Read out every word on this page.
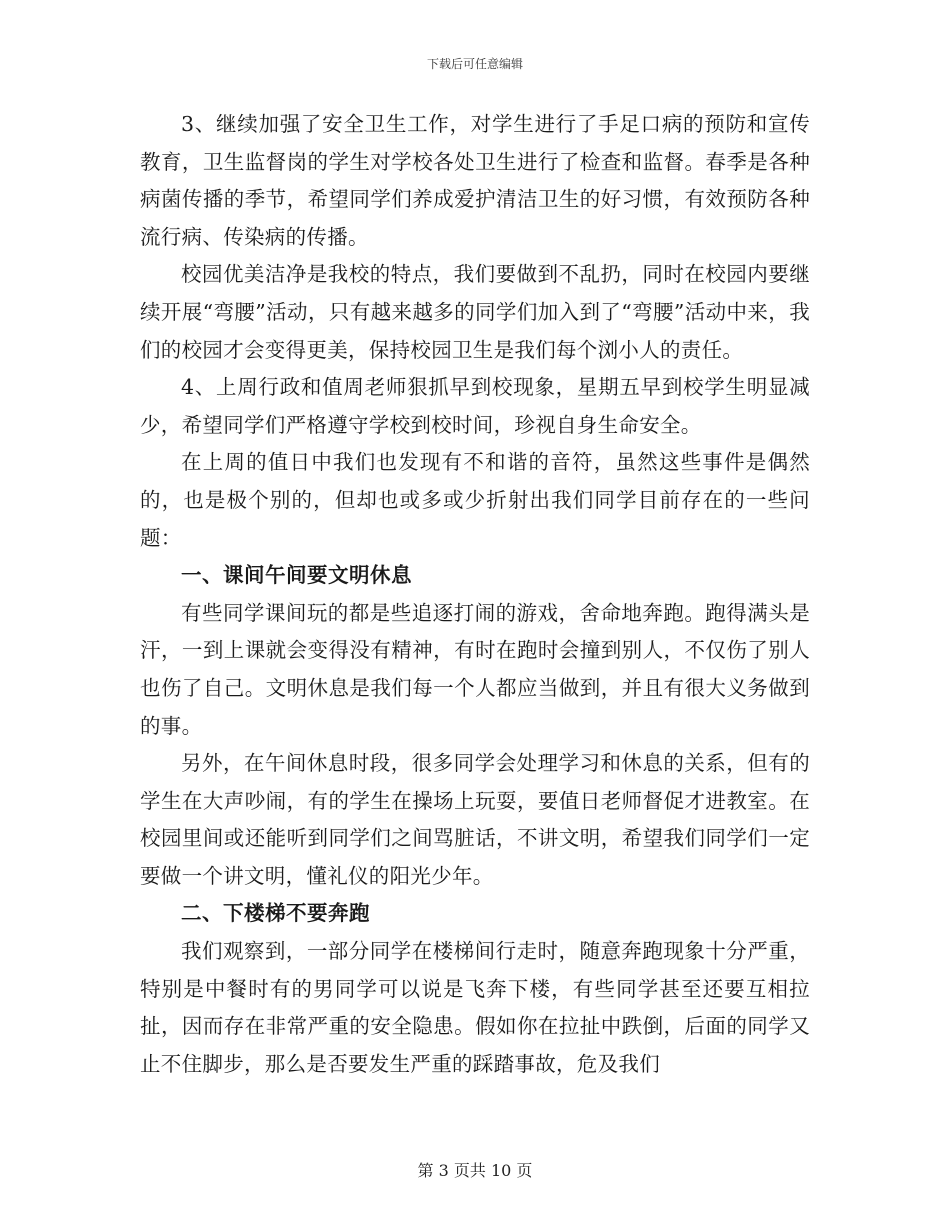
下载后可任意编辑

3、继续加强了安全卫生工作，对学生进行了手足口病的预防和宣传教育，卫生监督岗的学生对学校各处卫生进行了检查和监督。春季是各种病菌传播的季节，希望同学们养成爱护清洁卫生的好习惯，有效预防各种流行病、传染病的传播。

校园优美洁净是我校的特点，我们要做到不乱扔，同时在校园内要继续开展“弯腰”活动，只有越来越多的同学们加入到了“弯腰”活动中来，我们的校园才会变得更美，保持校园卫生是我们每个浏小人的责任。

4、上周行政和值周老师狠抓早到校现象，星期五早到校学生明显减少，希望同学们严格遵守学校到校时间，珍视自身生命安全。

在上周的值日中我们也发现有不和谐的音符，虽然这些事件是偶然的，也是极个别的，但却也或多或少折射出我们同学目前存在的一些问题：

一、课间午间要文明休息

有些同学课间玩的都是些追逐打闹的游戏，舍命地奔跑。跑得满头是汗，一到上课就会变得没有精神，有时在跑时会撞到别人，不仅伤了别人也伤了自己。文明休息是我们每一个人都应当做到，并且有很大义务做到的事。

另外，在午间休息时段，很多同学会处理学习和休息的关系，但有的学生在大声吵闹，有的学生在操场上玩耍，要值日老师督促才进教室。在校园里间或还能听到同学们之间骂脏话，不讲文明，希望我们同学们一定要做一个讲文明，懂礼仪的阳光少年。

二、下楼梯不要奔跑

我们观察到，一部分同学在楼梯间行走时，随意奔跑现象十分严重，特别是中餐时有的男同学可以说是飞奔下楼，有些同学甚至还要互相拉扯，因而存在非常严重的安全隐患。假如你在拉扯中跌倒，后面的同学又止不住脚步，那么是否要发生严重的踩踏事故，危及我们

第 3 页共 10 页
